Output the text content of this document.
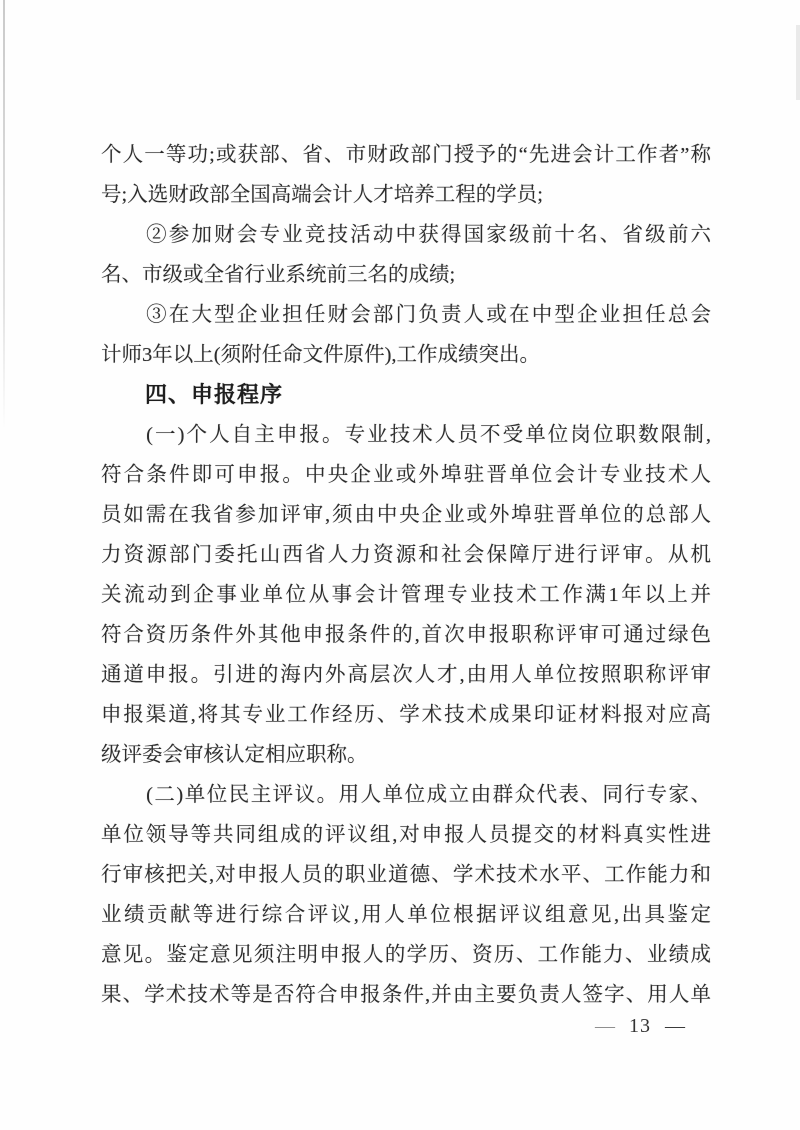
个人一等功;或获部、省、市财政部门授予的“先进会计工作者”称
号;入选财政部全国高端会计人才培养工程的学员;
②参加财会专业竞技活动中获得国家级前十名、省级前六
名、市级或全省行业系统前三名的成绩;
③在大型企业担任财会部门负责人或在中型企业担任总会
计师3年以上(须附任命文件原件),工作成绩突出。
四、申报程序
(一)个人自主申报。专业技术人员不受单位岗位职数限制,
符合条件即可申报。中央企业或外埠驻晋单位会计专业技术人
员如需在我省参加评审,须由中央企业或外埠驻晋单位的总部人
力资源部门委托山西省人力资源和社会保障厅进行评审。从机
关流动到企事业单位从事会计管理专业技术工作满1年以上并
符合资历条件外其他申报条件的,首次申报职称评审可通过绿色
通道申报。引进的海内外高层次人才,由用人单位按照职称评审
申报渠道,将其专业工作经历、学术技术成果印证材料报对应高
级评委会审核认定相应职称。
(二)单位民主评议。用人单位成立由群众代表、同行专家、
单位领导等共同组成的评议组,对申报人员提交的材料真实性进
行审核把关,对申报人员的职业道德、学术技术水平、工作能力和
业绩贡献等进行综合评议,用人单位根据评议组意见,出具鉴定
意见。鉴定意见须注明申报人的学历、资历、工作能力、业绩成
果、学术技术等是否符合申报条件,并由主要负责人签字、用人单
— 13 —
